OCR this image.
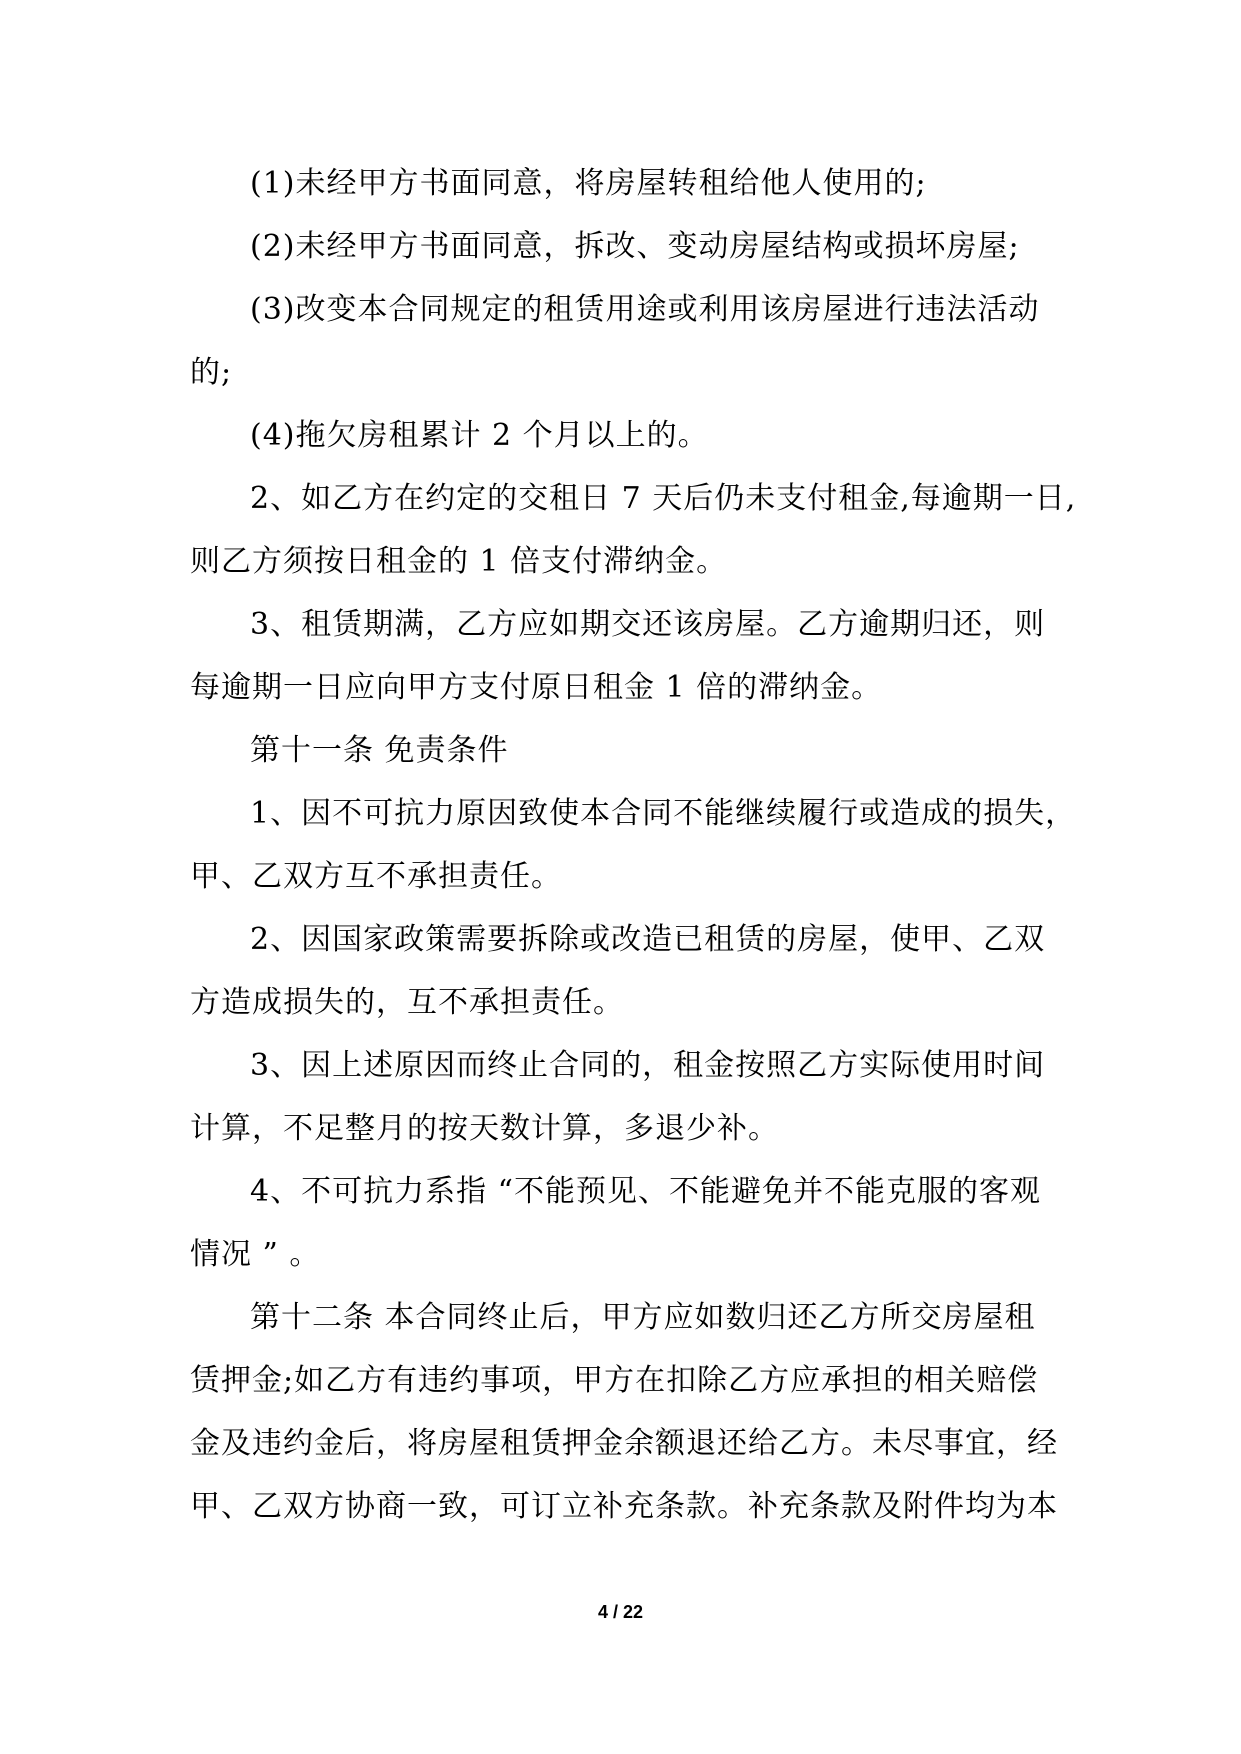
(1)未经甲方书面同意，将房屋转租给他人使用的;
(2)未经甲方书面同意，拆改、变动房屋结构或损坏房屋;
(3)改变本合同规定的租赁用途或利用该房屋进行违法活动
的;
(4)拖欠房租累计 2 个月以上的。
2、如乙方在约定的交租日 7 天后仍未支付租金,每逾期一日,
则乙方须按日租金的 1 倍支付滞纳金。
3、租赁期满，乙方应如期交还该房屋。乙方逾期归还，则
每逾期一日应向甲方支付原日租金 1 倍的滞纳金。
第十一条 免责条件
1、因不可抗力原因致使本合同不能继续履行或造成的损失，
甲、乙双方互不承担责任。
2、因国家政策需要拆除或改造已租赁的房屋，使甲、乙双
方造成损失的，互不承担责任。
3、因上述原因而终止合同的，租金按照乙方实际使用时间
计算，不足整月的按天数计算，多退少补。
4、不可抗力系指 “不能预见、不能避免并不能克服的客观
情况 ” 。
第十二条 本合同终止后，甲方应如数归还乙方所交房屋租
赁押金;如乙方有违约事项，甲方在扣除乙方应承担的相关赔偿
金及违约金后，将房屋租赁押金余额退还给乙方。未尽事宜，经
甲、乙双方协商一致，可订立补充条款。补充条款及附件均为本
4 / 22
